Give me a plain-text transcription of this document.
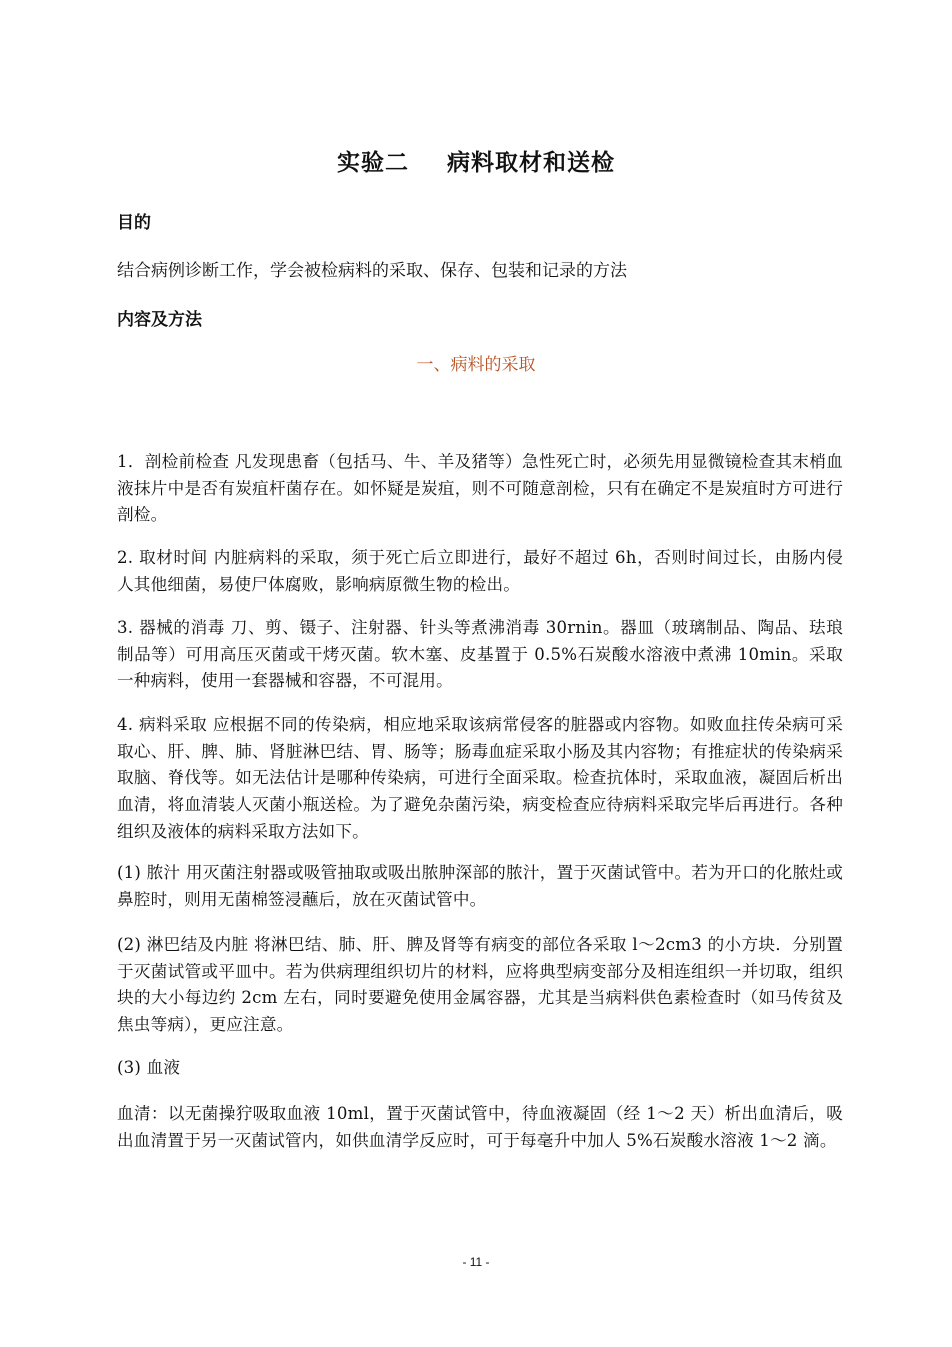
实验二 病料取材和送检
目的
结合病例诊断工作，学会被检病料的采取、保存、包装和记录的方法
内容及方法
一、病料的采取
1．剖检前检查 凡发现患畜（包括马、牛、羊及猪等）急性死亡时，必须先用显微镜检查其末梢血液抹片中是否有炭疽杆菌存在。如怀疑是炭疽，则不可随意剖检，只有在确定不是炭疽时方可进行剖检。
2. 取材时间 内脏病料的采取，须于死亡后立即进行，最好不超过 6h，否则时间过长，由肠内侵人其他细菌，易使尸体腐败，影响病原微生物的检出。
3. 器械的消毒 刀、剪、镊子、注射器、针头等煮沸消毒 30rnin。器皿（玻璃制品、陶品、珐琅制品等）可用高压灭菌或干烤灭菌。软木塞、皮基置于 0.5%石炭酸水溶液中煮沸 10min。采取一种病料，使用一套器械和容器，不可混用。
4. 病料采取 应根据不同的传染病，相应地采取该病常侵客的脏器或内容物。如败血拄传朵病可采取心、肝、脾、肺、肾脏淋巴结、胃、肠等；肠毒血症采取小肠及其内容物；有推症状的传染病采取脑、脊伐等。如无法估计是哪种传染病，可进行全面采取。检查抗体时，采取血液，凝固后析出血清，将血清装人灭菌小瓶送检。为了避免杂菌污染，病变检查应待病料采取完毕后再进行。各种组织及液体的病料采取方法如下。
(1) 脓汁 用灭菌注射器或吸管抽取或吸出脓肿深部的脓汁，置于灭菌试管中。若为开口的化脓灶或鼻腔时，则用无菌棉签浸蘸后，放在灭菌试管中。
(2) 淋巴结及内脏 将淋巴结、肺、肝、脾及肾等有病变的部位各采取 l～2cm3 的小方块．分别置于灭菌试管或平皿中。若为供病理组织切片的材料，应将典型病变部分及相连组织一并切取，组织块的大小每边约 2cm 左右，同时要避免使用金属容器，尤其是当病料供色素检查时（如马传贫及焦虫等病），更应注意。
(3) 血液
血清：以无菌操狞吸取血液 10ml，置于灭菌试管中，待血液凝固（经 1～2 天）析出血清后，吸出血清置于另一灭菌试管内，如供血清学反应时，可于每毫升中加人 5%石炭酸水溶液 1～2 滴。
- 11 -
